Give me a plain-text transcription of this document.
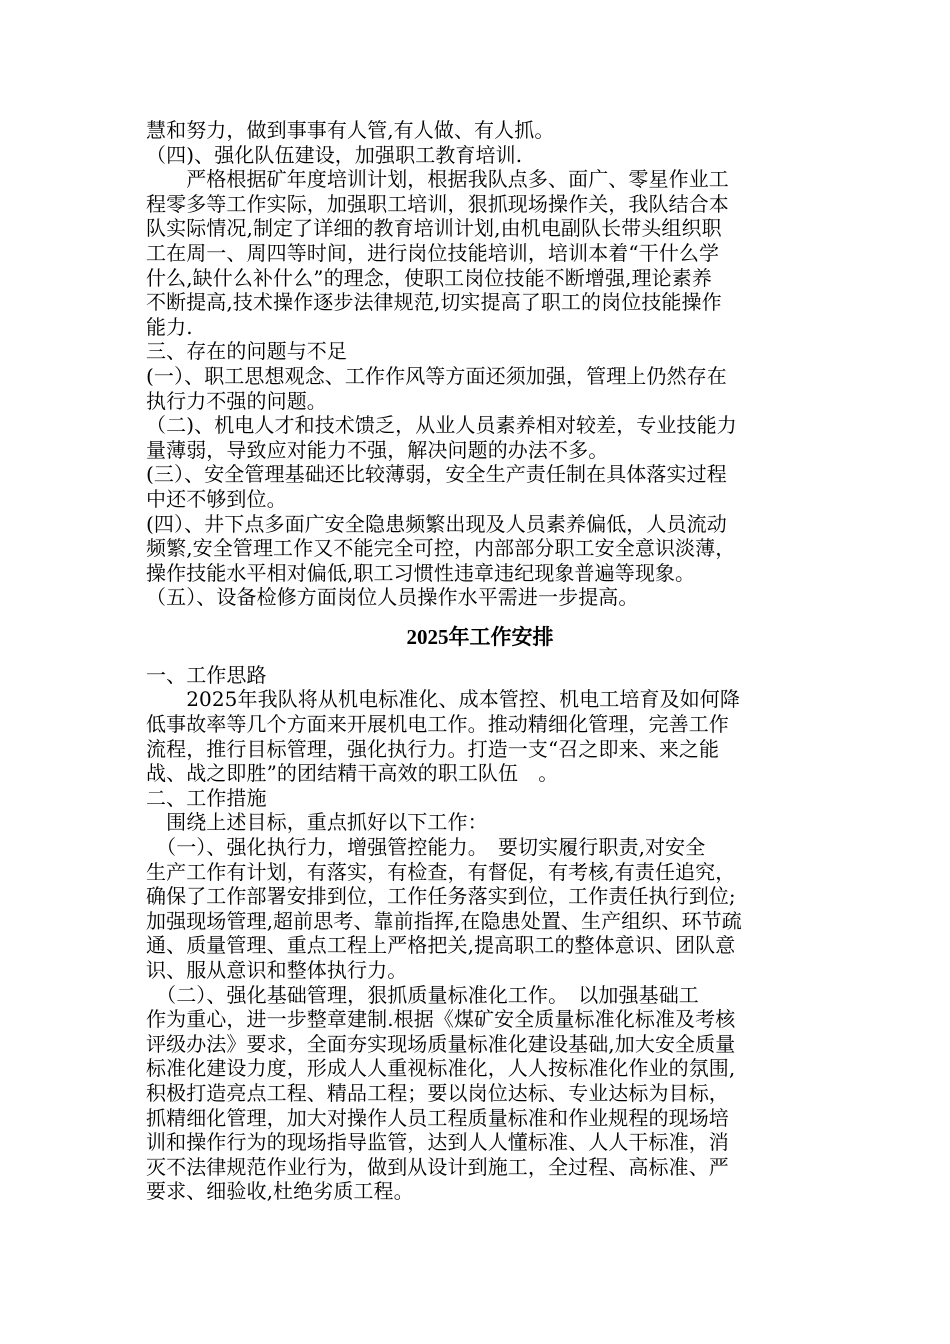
慧和努力，做到事事有人管,有人做、有人抓。
（四)、强化队伍建设，加强职工教育培训.
　　严格根据矿年度培训计划，根据我队点多、面广、零星作业工
程零多等工作实际，加强职工培训，狠抓现场操作关，我队结合本
队实际情况,制定了详细的教育培训计划,由机电副队长带头组织职
工在周一、周四等时间，进行岗位技能培训，培训本着“干什么学
什么,缺什么补什么”的理念，使职工岗位技能不断增强,理论素养
不断提高,技术操作逐步法律规范,切实提高了职工的岗位技能操作
能力.
三、存在的问题与不足
(一）、职工思想观念、工作作风等方面还须加强，管理上仍然存在
执行力不强的问题。
（二)、机电人才和技术馈乏，从业人员素养相对较差，专业技能力
量薄弱，导致应对能力不强，解决问题的办法不多。
(三）、安全管理基础还比较薄弱，安全生产责任制在具体落实过程
中还不够到位。
(四）、井下点多面广安全隐患频繁出现及人员素养偏低，人员流动
频繁,安全管理工作又不能完全可控，内部部分职工安全意识淡薄，
操作技能水平相对偏低,职工习惯性违章违纪现象普遍等现象。
（五）、设备检修方面岗位人员操作水平需进一步提高。
2025年工作安排
一、工作思路
　　2025年我队将从机电标准化、成本管控、机电工培育及如何降
低事故率等几个方面来开展机电工作。推动精细化管理，完善工作
流程，推行目标管理，强化执行力。打造一支“召之即来、来之能
战、战之即胜”的团结精干高效的职工队伍　。
二、工作措施
　围绕上述目标，重点抓好以下工作：
　（一）、强化执行力，增强管控能力。　要切实履行职责,对安全
生产工作有计划，有落实，有检查，有督促，有考核,有责任追究，
确保了工作部署安排到位，工作任务落实到位，工作责任执行到位;
加强现场管理,超前思考、靠前指挥,在隐患处置、生产组织、环节疏
通、质量管理、重点工程上严格把关,提高职工的整体意识、团队意
识、服从意识和整体执行力。
　（二）、强化基础管理，狠抓质量标准化工作。　以加强基础工
作为重心，进一步整章建制.根据《煤矿安全质量标准化标准及考核
评级办法》要求，全面夯实现场质量标准化建设基础,加大安全质量
标准化建设力度，形成人人重视标准化，人人按标准化作业的氛围,
积极打造亮点工程、精品工程；要以岗位达标、专业达标为目标，
抓精细化管理，加大对操作人员工程质量标准和作业规程的现场培
训和操作行为的现场指导监管，达到人人懂标准、人人干标准，消
灭不法律规范作业行为，做到从设计到施工，全过程、高标准、严
要求、细验收,杜绝劣质工程。
